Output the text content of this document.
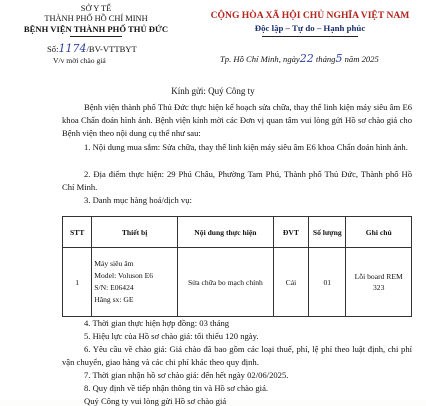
SỞ Y TẾ
THÀNH PHỐ HỒ CHÍ MINH
BỆNH VIỆN THÀNH PHỐ THỦ ĐỨC
Số:1174/BV-VTTBYT
V/v mời chào giá
CỘNG HÒA XÃ HỘI CHỦ NGHĨA VIỆT NAM
Độc lập – Tự do – Hạnh phúc
Tp. Hồ Chí Minh, ngày22 tháng5 năm 2025
Kính gửi: Quý Công ty
Bệnh viện thành phố Thủ Đức thực hiện kế hoạch sửa chữa, thay thế linh kiện máy siêu âm E6 khoa Chẩn đoán hình ảnh. Bệnh viện kính mời các Đơn vị quan tâm vui lòng gửi Hồ sơ chào giá cho Bệnh viện theo nội dung cụ thể như sau:
1. Nội dung mua sắm: Sửa chữa, thay thế linh kiện máy siêu âm E6 khoa Chẩn đoán hình ảnh.
2. Địa điểm thực hiện: 29 Phú Châu, Phường Tam Phú, Thành phố Thủ Đức, Thành phố Hồ Chí Minh.
3. Danh mục hàng hoá/dịch vụ:
STT	Thiết bị	Nội dung thực hiện	ĐVT	Số lượng	Ghi chú
1	Máy siêu âm
Model: Voluson E6
S/N: E06424
Hãng sx: GE	Sửa chữa bo mạch chính	Cái	01	Lỗi board REM 323
4. Thời gian thực hiện hợp đồng: 03 tháng
5. Hiệu lực của Hồ sơ chào giá: tối thiểu 120 ngày.
6. Yêu cầu về chào giá: Giá chào đã bao gồm các loại thuế, phí, lệ phí theo luật định, chi phí vận chuyển, giao hàng và các chi phí khác theo quy định.
7. Thời gian nhận hồ sơ chào giá: đến hết ngày 02/06/2025.
8. Quy định về tiếp nhận thông tin và Hồ sơ chào giá.
Quý Công ty vui lòng gửi Hồ sơ chào giá
